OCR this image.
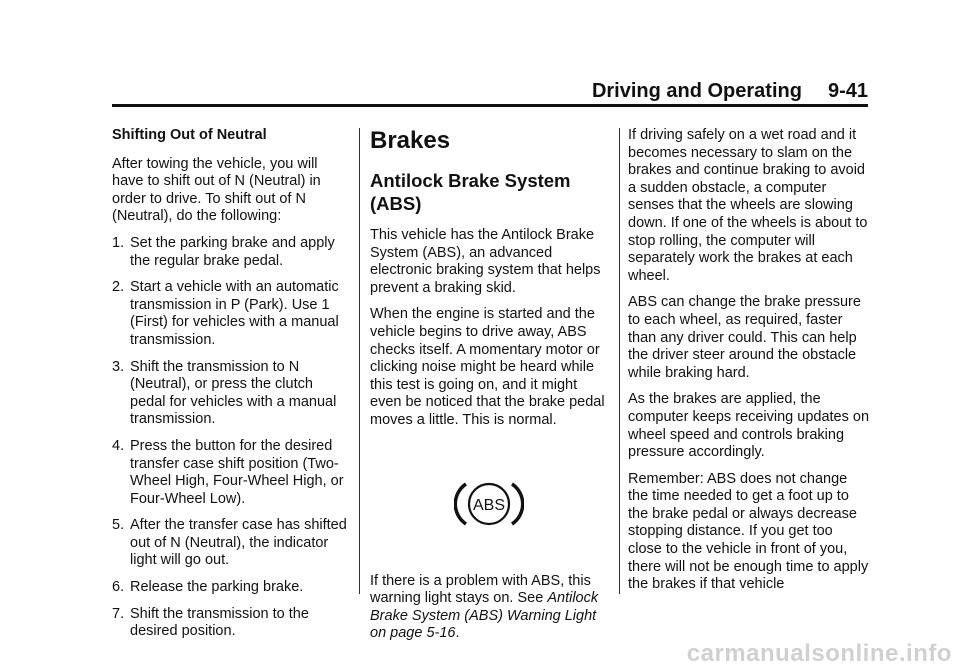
Driving and Operating 9-41

Shifting Out of Neutral

After towing the vehicle, you will have to shift out of N (Neutral) in order to drive. To shift out of N (Neutral), do the following:

1. Set the parking brake and apply the regular brake pedal.
2. Start a vehicle with an automatic transmission in P (Park). Use 1 (First) for vehicles with a manual transmission.
3. Shift the transmission to N (Neutral), or press the clutch pedal for vehicles with a manual transmission.
4. Press the button for the desired transfer case shift position (Two-Wheel High, Four-Wheel High, or Four-Wheel Low).
5. After the transfer case has shifted out of N (Neutral), the indicator light will go out.
6. Release the parking brake.
7. Shift the transmission to the desired position.
Brakes
Antilock Brake System (ABS)

This vehicle has the Antilock Brake System (ABS), an advanced electronic braking system that helps prevent a braking skid.

When the engine is started and the vehicle begins to drive away, ABS checks itself. A momentary motor or clicking noise might be heard while this test is going on, and it might even be noticed that the brake pedal moves a little. This is normal.

ABS

If there is a problem with ABS, this warning light stays on. See Antilock Brake System (ABS) Warning Light on page 5-16.

If driving safely on a wet road and it becomes necessary to slam on the brakes and continue braking to avoid a sudden obstacle, a computer senses that the wheels are slowing down. If one of the wheels is about to stop rolling, the computer will separately work the brakes at each wheel.

ABS can change the brake pressure to each wheel, as required, faster than any driver could. This can help the driver steer around the obstacle while braking hard.

As the brakes are applied, the computer keeps receiving updates on wheel speed and controls braking pressure accordingly.

Remember: ABS does not change the time needed to get a foot up to the brake pedal or always decrease stopping distance. If you get too close to the vehicle in front of you, there will not be enough time to apply the brakes if that vehicle

carmanualsonline.info
